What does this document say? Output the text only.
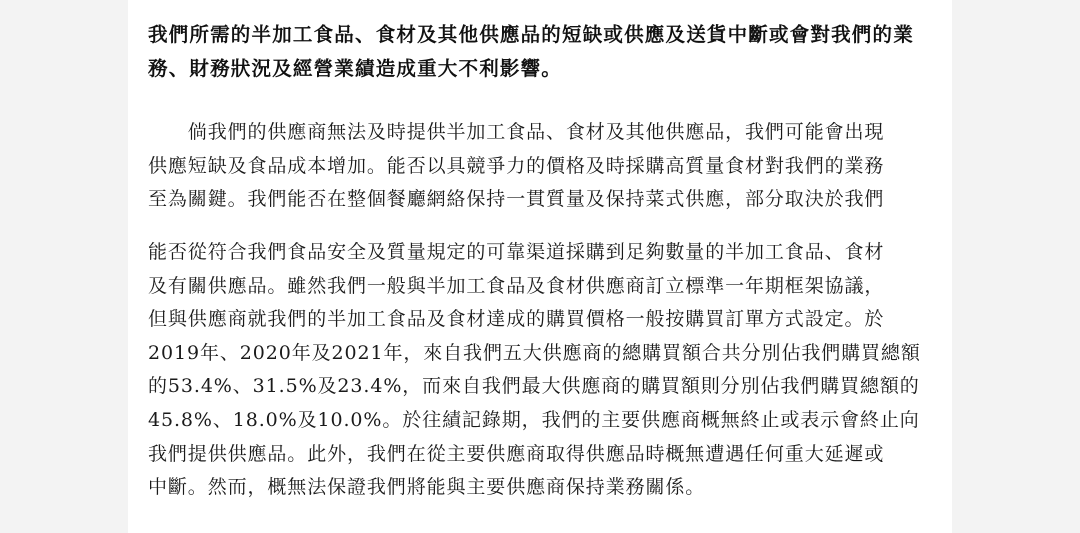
我們所需的半加工食品、食材及其他供應品的短缺或供應及送貨中斷或會對我們的業
務、財務狀況及經營業績造成重大不利影響。
　　倘我們的供應商無法及時提供半加工食品、食材及其他供應品，我們可能會出現
供應短缺及食品成本增加。能否以具競爭力的價格及時採購高質量食材對我們的業務
至為關鍵。我們能否在整個餐廳網絡保持一貫質量及保持菜式供應，部分取決於我們
能否從符合我們食品安全及質量規定的可靠渠道採購到足夠數量的半加工食品、食材
及有關供應品。雖然我們一般與半加工食品及食材供應商訂立標準一年期框架協議，
但與供應商就我們的半加工食品及食材達成的購買價格一般按購買訂單方式設定。於
2019年、2020年及2021年，來自我們五大供應商的總購買額合共分別佔我們購買總額
的53.4%、31.5%及23.4%，而來自我們最大供應商的購買額則分別佔我們購買總額的
45.8%、18.0%及10.0%。於往績記錄期，我們的主要供應商概無終止或表示會終止向
我們提供供應品。此外，我們在從主要供應商取得供應品時概無遭遇任何重大延遲或
中斷。然而，概無法保證我們將能與主要供應商保持業務關係。
